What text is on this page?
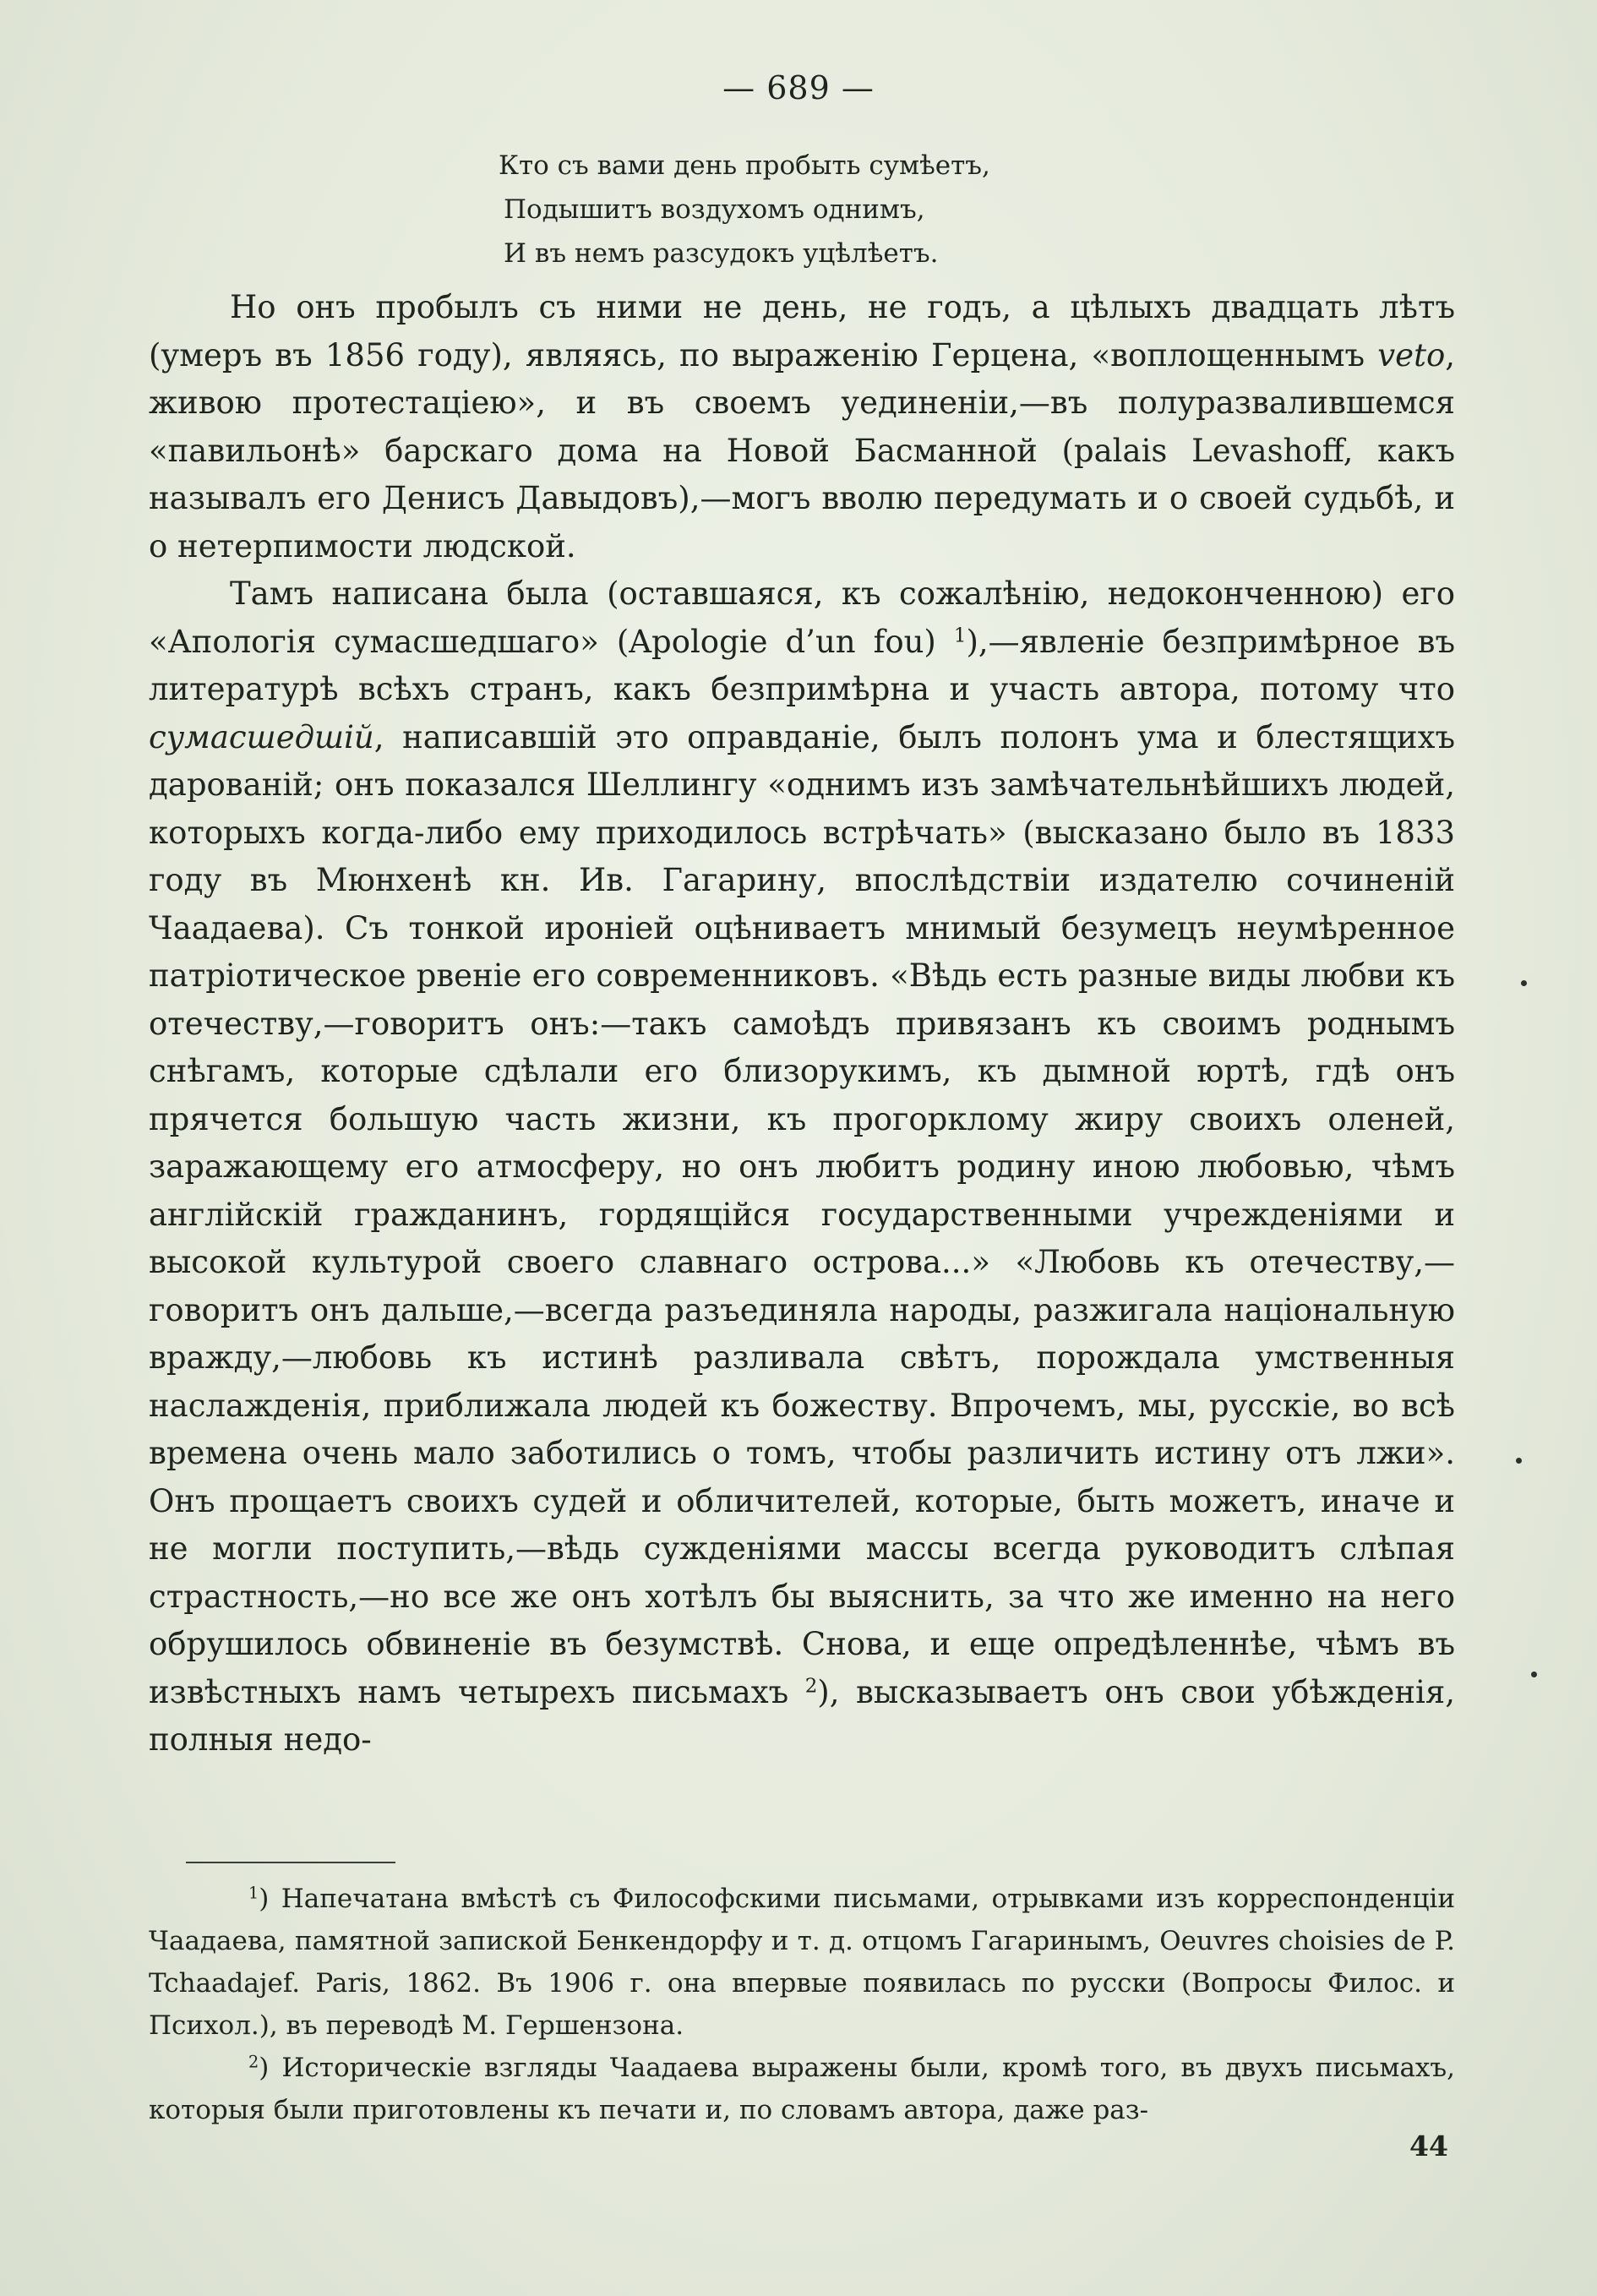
— 689 —
Кто съ вами день пробыть сумѣетъ,
Подышитъ воздухомъ однимъ,
И въ немъ разсудокъ уцѣлѣетъ.

Но онъ пробылъ съ ними не день, не годъ, а цѣлыхъ двадцать лѣтъ (умеръ въ 1856 году), являясь, по выраженію Герцена, «воплощеннымъ veto, живою протестаціею», и въ своемъ уединеніи,—въ полуразвалившемся «павильонѣ» барскаго дома на Новой Басманной (palais Levashoff, какъ называлъ его Денисъ Давыдовъ),—могъ вволю передумать и о своей судьбѣ, и о нетерпимости людской.

Тамъ написана была (оставшаяся, къ сожалѣнію, недоконченною) его «Апологія сумасшедшаго» (Apologie d’un fou) $^1$),—явленіе безпримѣрное въ литературѣ всѣхъ странъ, какъ безпримѣрна и участь автора, потому что сумасшедшій, написавшій это оправданіе, былъ полонъ ума и блестящихъ дарованій; онъ показался Шеллингу «однимъ изъ замѣчательнѣйшихъ людей, которыхъ когда-либо ему приходилось встрѣчать» (высказано было въ 1833 году въ Мюнхенѣ кн. Ив. Гагарину, впослѣдствіи издателю сочиненій Чаадаева). Съ тонкой ироніей оцѣниваетъ мнимый безумецъ неумѣренное патріотическое рвеніе его современниковъ. «Вѣдь есть разные виды любви къ отечеству,—говоритъ онъ:—такъ самоѣдъ привязанъ къ своимъ роднымъ снѣгамъ, которые сдѣлали его близорукимъ, къ дымной юртѣ, гдѣ онъ прячется большую часть жизни, къ прогорклому жиру своихъ оленей, заражающему его атмосферу, но онъ любитъ родину иною любовью, чѣмъ англійскій гражданинъ, гордящійся государственными учрежденіями и высокой культурой своего славнаго острова...» «Любовь къ отечеству,—говоритъ онъ дальше,—всегда разъединяла народы, разжигала національную вражду,—любовь къ истинѣ разливала свѣтъ, порождала умственныя наслажденія, приближала людей къ божеству. Впрочемъ, мы, русскіе, во всѣ времена очень мало заботились о томъ, чтобы различить истину отъ лжи». Онъ прощаетъ своихъ судей и обличителей, которые, быть можетъ, иначе и не могли поступить,—вѣдь сужденіями массы всегда руководитъ слѣпая страстность,—но все же онъ хотѣлъ бы выяснить, за что же именно на него обрушилось обвиненіе въ безумствѣ. Снова, и еще опредѣленнѣе, чѣмъ въ извѣстныхъ намъ четырехъ письмахъ $^2$), высказываетъ онъ свои убѣжденія, полныя недо-

$^1$) Напечатана вмѣстѣ съ Философскими письмами, отрывками изъ корреспонденціи Чаадаева, памятной запиской Бенкендорфу и т. д. отцомъ Гагаринымъ, Oeuvres choisies de P. Tchaadajef. Paris, 1862. Въ 1906 г. она впервые появилась по русски (Вопросы Филос. и Психол.), въ переводѣ М. Гершензона.

$^2$) Историческіе взгляды Чаадаева выражены были, кромѣ того, въ двухъ письмахъ, которыя были приготовлены къ печати и, по словамъ автора, даже раз-

44
